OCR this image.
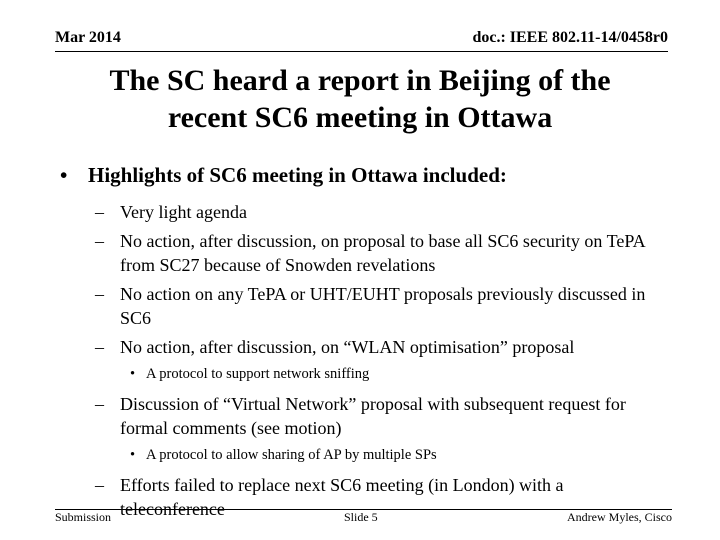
Mar 2014	doc.: IEEE 802.11-14/0458r0
The SC heard a report in Beijing of the
recent SC6 meeting in Ottawa
• Highlights of SC6 meeting in Ottawa included:
– Very light agenda
– No action, after discussion, on proposal to base all SC6 security on TePA from SC27 because of Snowden revelations
– No action on any TePA or UHT/EUHT proposals previously discussed in SC6
– No action, after discussion, on “WLAN optimisation” proposal
• A protocol to support network sniffing
– Discussion of “Virtual Network” proposal with subsequent request for formal comments (see motion)
• A protocol to allow sharing of AP by multiple SPs
– Efforts failed to replace next SC6 meeting (in London) with a teleconference
Submission	Slide 5	Andrew Myles, Cisco
